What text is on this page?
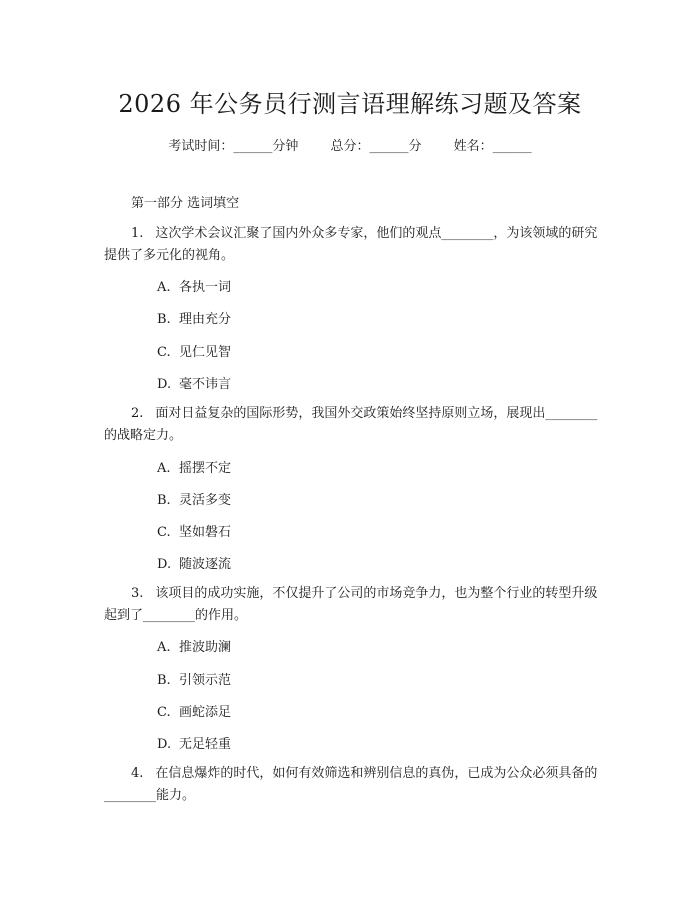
2026 年公务员行测言语理解练习题及答案
考试时间：______分钟 总分：______分 姓名：______
第一部分 选词填空
1. 这次学术会议汇聚了国内外众多专家，他们的观点________，为该领域的研究提供了多元化的视角。
A. 各执一词
B. 理由充分
C. 见仁见智
D. 毫不讳言
2. 面对日益复杂的国际形势，我国外交政策始终坚持原则立场，展现出________的战略定力。
A. 摇摆不定
B. 灵活多变
C. 坚如磐石
D. 随波逐流
3. 该项目的成功实施，不仅提升了公司的市场竞争力，也为整个行业的转型升级起到了________的作用。
A. 推波助澜
B. 引领示范
C. 画蛇添足
D. 无足轻重
4. 在信息爆炸的时代，如何有效筛选和辨别信息的真伪，已成为公众必须具备的________能力。
